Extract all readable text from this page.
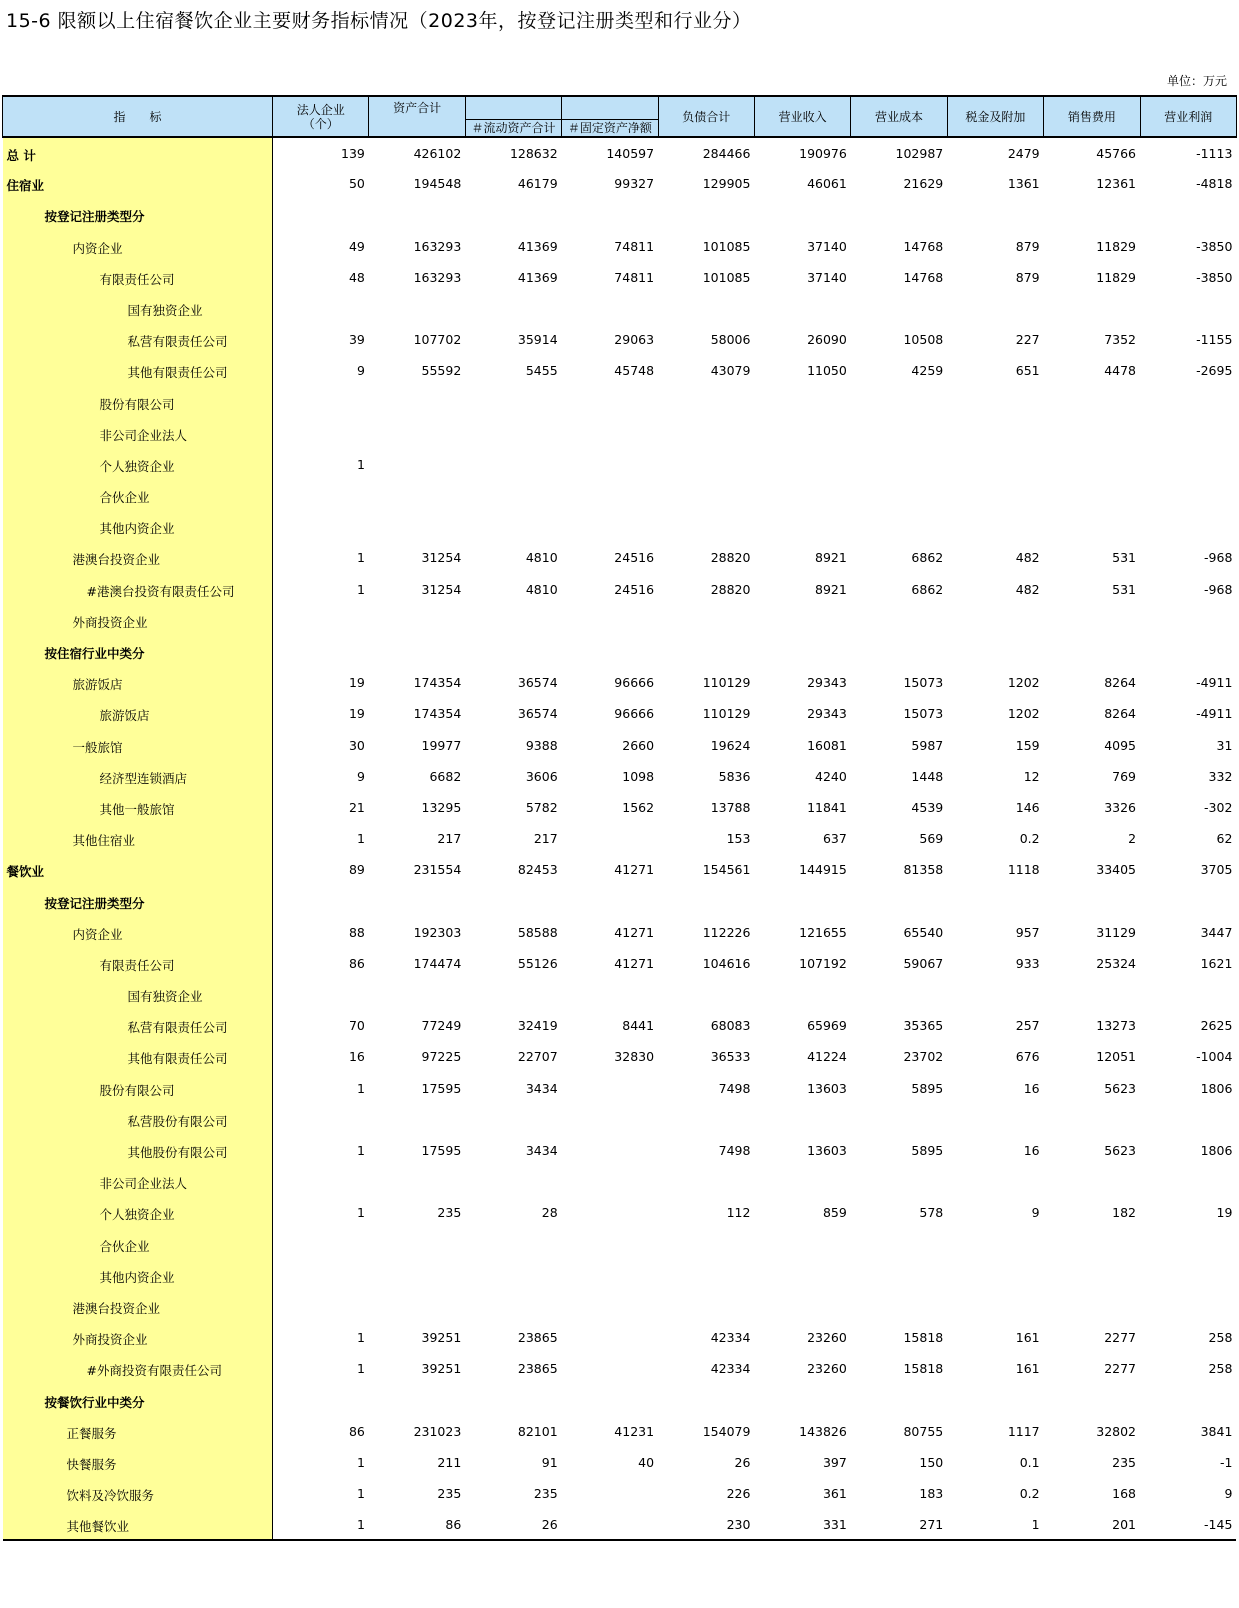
15-6 限额以上住宿餐饮企业主要财务指标情况（2023年，按登记注册类型和行业分）
单位：万元
指　　标	法人企业
（个）	资产合计			负债合计	营业收入	营业成本	税金及附加	销售费用	营业利润
			＃流动资产合计	＃固定资产净额						
总 计	139	426102	128632	140597	284466	190976	102987	2479	45766	-1113
住宿业	50	194548	46179	99327	129905	46061	21629	1361	12361	-4818
按登记注册类型分										
内资企业	49	163293	41369	74811	101085	37140	14768	879	11829	-3850
有限责任公司	48	163293	41369	74811	101085	37140	14768	879	11829	-3850
国有独资企业										
私营有限责任公司	39	107702	35914	29063	58006	26090	10508	227	7352	-1155
其他有限责任公司	9	55592	5455	45748	43079	11050	4259	651	4478	-2695
股份有限公司										
非公司企业法人										
个人独资企业	1									
合伙企业										
其他内资企业										
港澳台投资企业	1	31254	4810	24516	28820	8921	6862	482	531	-968
#港澳台投资有限责任公司	1	31254	4810	24516	28820	8921	6862	482	531	-968
外商投资企业										
按住宿行业中类分										
旅游饭店	19	174354	36574	96666	110129	29343	15073	1202	8264	-4911
旅游饭店	19	174354	36574	96666	110129	29343	15073	1202	8264	-4911
一般旅馆	30	19977	9388	2660	19624	16081	5987	159	4095	31
经济型连锁酒店	9	6682	3606	1098	5836	4240	1448	12	769	332
其他一般旅馆	21	13295	5782	1562	13788	11841	4539	146	3326	-302
其他住宿业	1	217	217		153	637	569	0.2	2	62
餐饮业	89	231554	82453	41271	154561	144915	81358	1118	33405	3705
按登记注册类型分										
内资企业	88	192303	58588	41271	112226	121655	65540	957	31129	3447
有限责任公司	86	174474	55126	41271	104616	107192	59067	933	25324	1621
国有独资企业										
私营有限责任公司	70	77249	32419	8441	68083	65969	35365	257	13273	2625
其他有限责任公司	16	97225	22707	32830	36533	41224	23702	676	12051	-1004
股份有限公司	1	17595	3434		7498	13603	5895	16	5623	1806
私营股份有限公司										
其他股份有限公司	1	17595	3434		7498	13603	5895	16	5623	1806
非公司企业法人										
个人独资企业	1	235	28		112	859	578	9	182	19
合伙企业										
其他内资企业										
港澳台投资企业										
外商投资企业	1	39251	23865		42334	23260	15818	161	2277	258
#外商投资有限责任公司	1	39251	23865		42334	23260	15818	161	2277	258
按餐饮行业中类分										
正餐服务	86	231023	82101	41231	154079	143826	80755	1117	32802	3841
快餐服务	1	211	91	40	26	397	150	0.1	235	-1
饮料及冷饮服务	1	235	235		226	361	183	0.2	168	9
其他餐饮业	1	86	26		230	331	271	1	201	-145
